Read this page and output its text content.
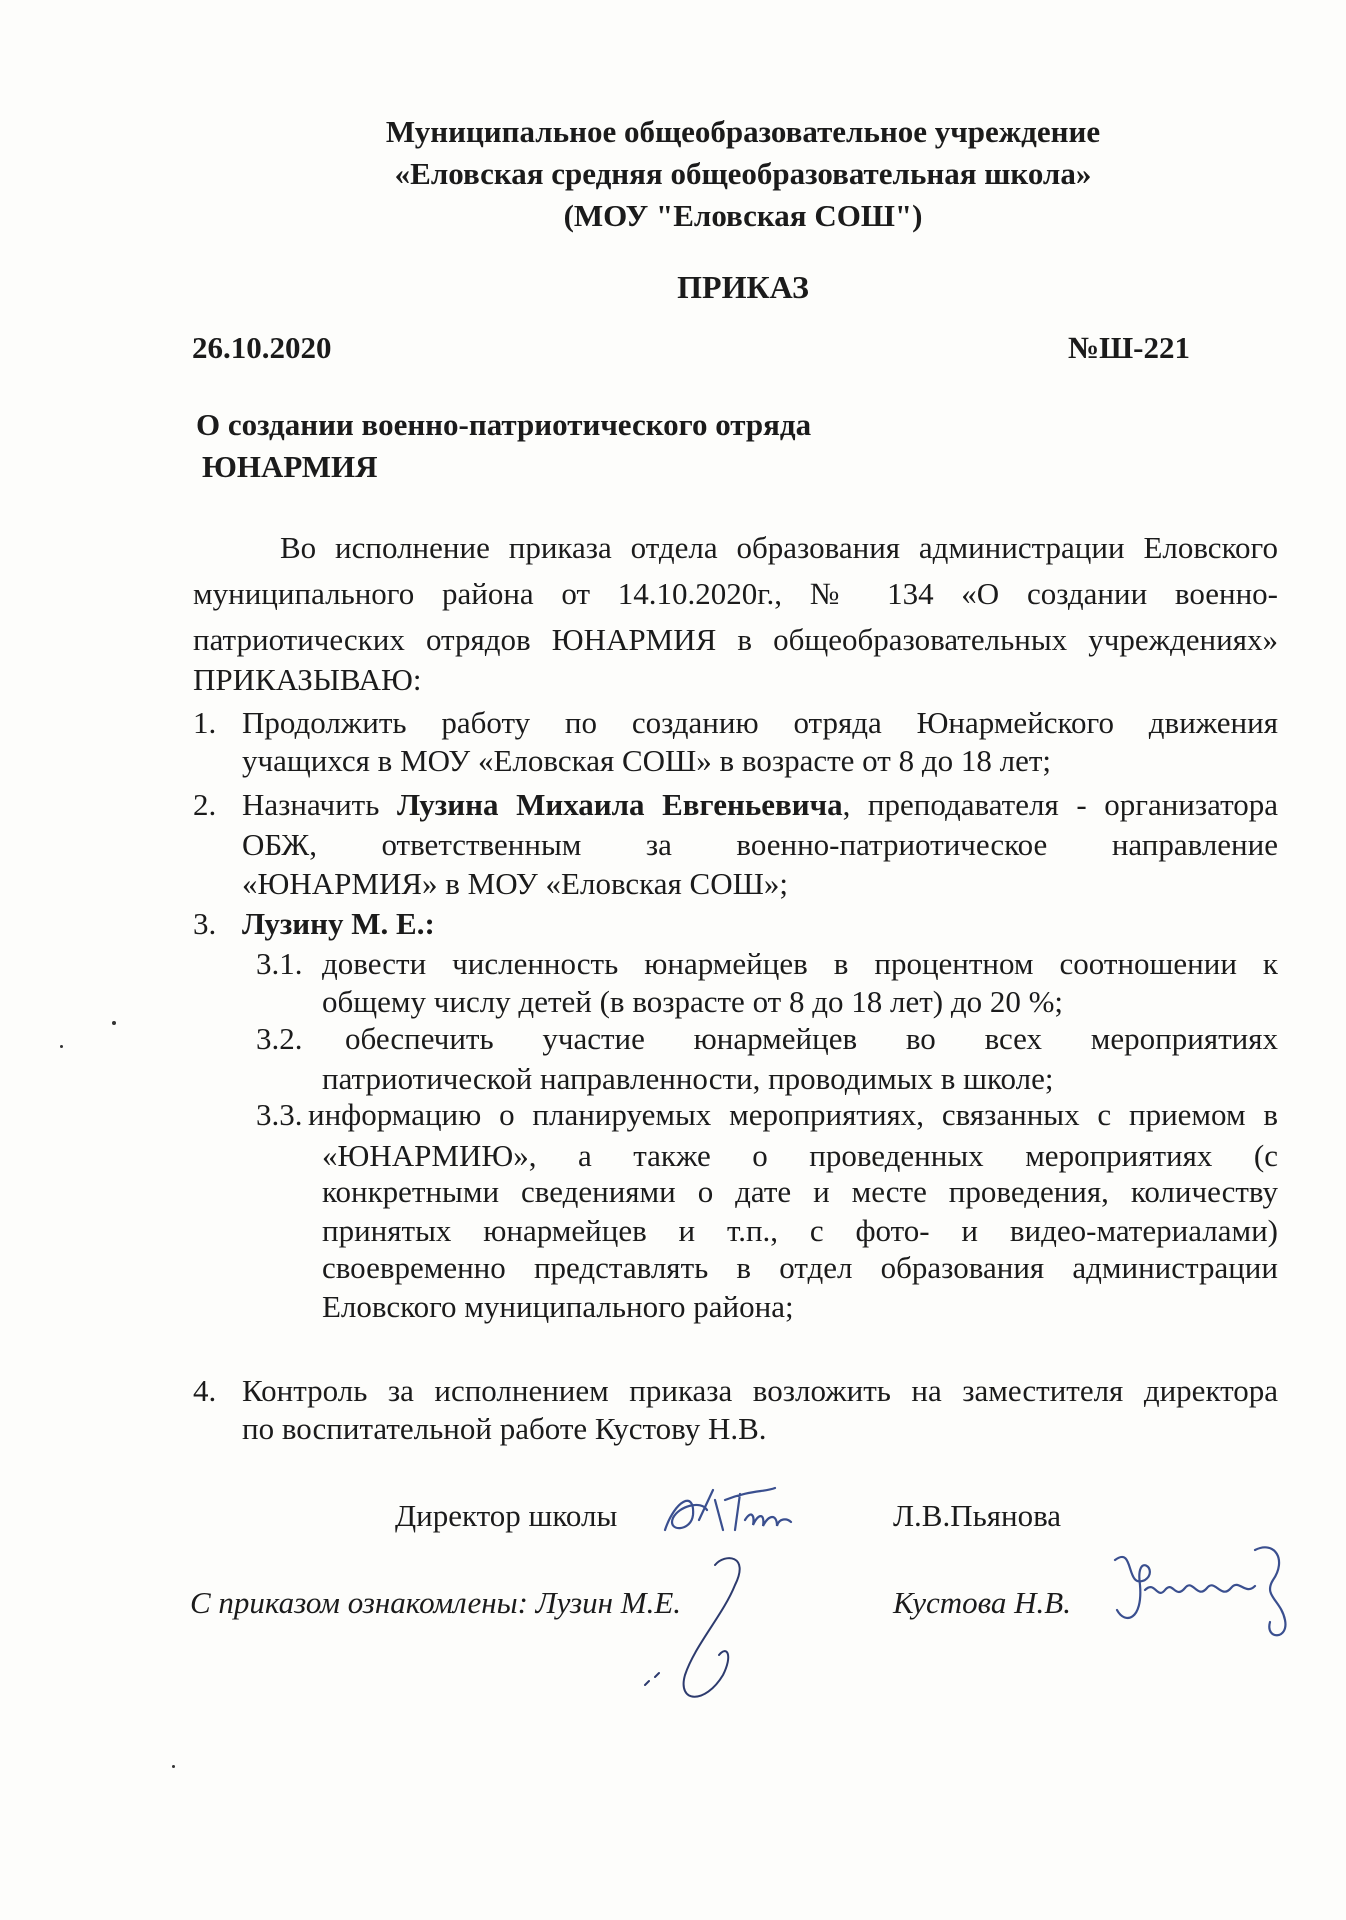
Муниципальное общеобразовательное учреждение
«Еловская средняя общеобразовательная школа»
(МОУ "Еловская СОШ")
ПРИКАЗ
26.10.2020	№Ш-221
О создании военно-патриотического отряда
ЮНАРМИЯ
Во исполнение приказа отдела образования администрации Еловского
муниципального района от 14.10.2020г., № 134 «О создании военно-
патриотических отрядов ЮНАРМИЯ в общеобразовательных учреждениях»
ПРИКАЗЫВАЮ:
1. Продолжить работу по созданию отряда Юнармейского движения
учащихся в МОУ «Еловская СОШ» в возрасте от 8 до 18 лет;
2. Назначить Лузина Михаила Евгеньевича, преподавателя - организатора
ОБЖ, ответственным за военно-патриотическое направление
«ЮНАРМИЯ» в МОУ «Еловская СОШ»;
3. Лузину М. Е.:
3.1. довести численность юнармейцев в процентном соотношении к
общему числу детей (в возрасте от 8 до 18 лет) до 20 %;
3.2. обеспечить участие юнармейцев во всех мероприятиях
патриотической направленности, проводимых в школе;
3.3. информацию о планируемых мероприятиях, связанных с приемом в
«ЮНАРМИЮ», а также о проведенных мероприятиях (с
конкретными сведениями о дате и месте проведения, количеству
принятых юнармейцев и т.п., с фото- и видео-материалами)
своевременно представлять в отдел образования администрации
Еловского муниципального района;
4. Контроль за исполнением приказа возложить на заместителя директора
по воспитательной работе Кустову Н.В.
Директор школы	Л.В.Пьянова
С приказом ознакомлены: Лузин М.Е.	Кустова Н.В.
